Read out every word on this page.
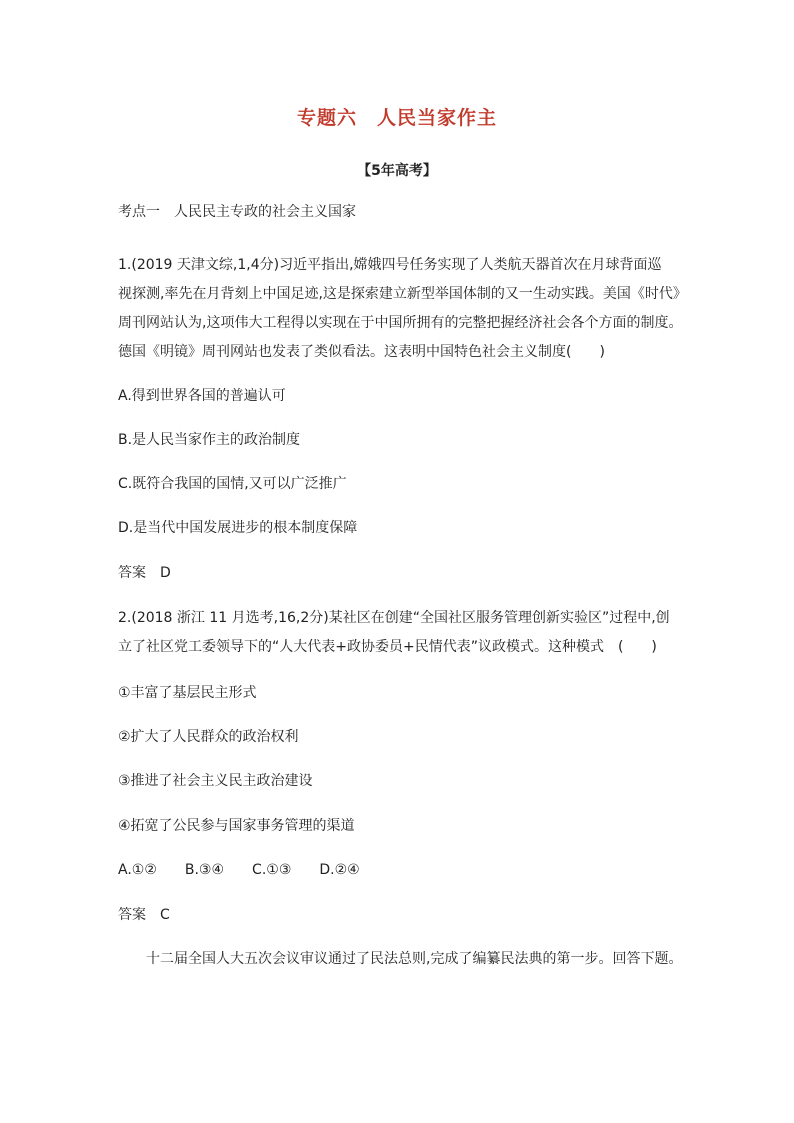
专题六　人民当家作主
【5年高考】
考点一　人民民主专政的社会主义国家
1.(2019 天津文综,1,4分)习近平指出,嫦娥四号任务实现了人类航天器首次在月球背面巡
视探测,率先在月背刻上中国足迹,这是探索建立新型举国体制的又一生动实践。美国《时代》
周刊网站认为,这项伟大工程得以实现在于中国所拥有的完整把握经济社会各个方面的制度。
德国《明镜》周刊网站也发表了类似看法。这表明中国特色社会主义制度(　　)
A.得到世界各国的普遍认可
B.是人民当家作主的政治制度
C.既符合我国的国情,又可以广泛推广
D.是当代中国发展进步的根本制度保障
答案　D
2.(2018 浙江 11 月选考,16,2分)某社区在创建“全国社区服务管理创新实验区”过程中,创
立了社区党工委领导下的“人大代表+政协委员+民情代表”议政模式。这种模式　(　　)
①丰富了基层民主形式
②扩大了人民群众的政治权利
③推进了社会主义民主政治建设
④拓宽了公民参与国家事务管理的渠道
A.①②　　B.③④　　C.①③　　D.②④
答案　C
十二届全国人大五次会议审议通过了民法总则,完成了编纂民法典的第一步。回答下题。
